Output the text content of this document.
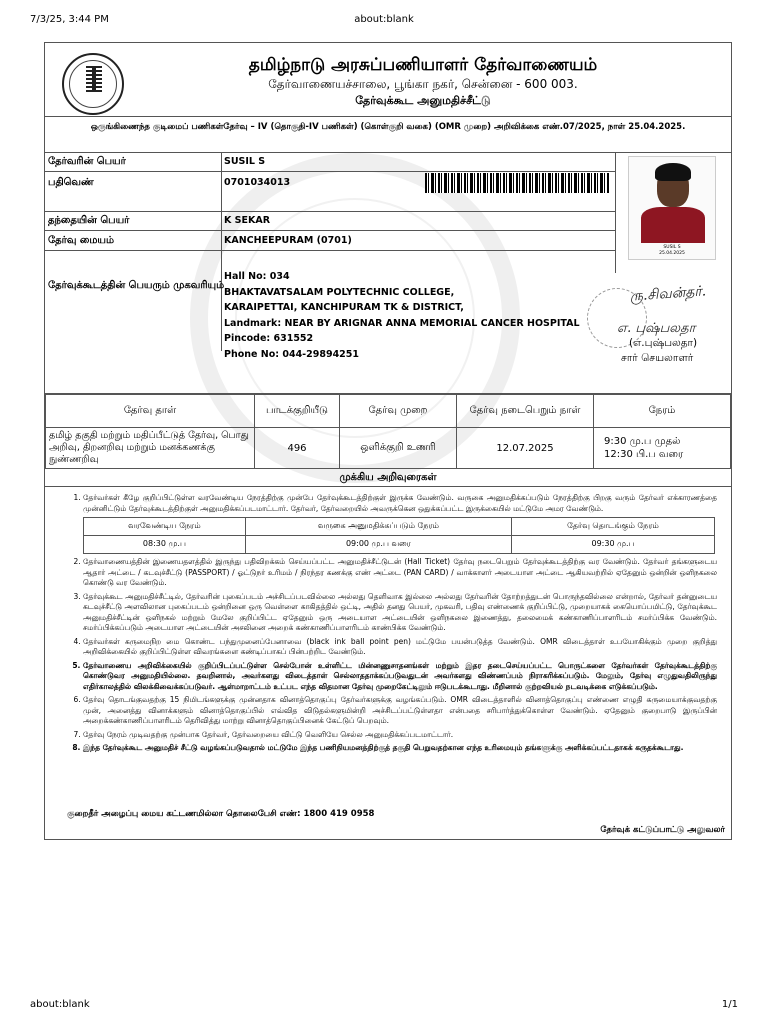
7/3/25, 3:44 PM	about:blank
தமிழ்நாடு அரசுப்பணியாளர் தேர்வாணையம்
தேர்வாணையச்சாலை, பூங்கா நகர், சென்னை - 600 003.
தேர்வுக்கூட அனுமதிச்சீட்டு
ஒருங்கிணைந்த குடிமைப் பணிகள்தேர்வு – IV (தொகுதி-IV பணிகள்) (கொள்குறி வகை) (OMR முறை) அறிவிக்கை எண்.07/2025, நாள் 25.04.2025.
தேர்வரின் பெயர்	SUSIL S
பதிவெண்	0701034013
தந்தையின் பெயர்	K SEKAR
தேர்வு மையம்	KANCHEEPURAM (0701)
தேர்வுக்கூடத்தின் பெயரும் முகவரியும்
Hall No: 034
BHAKTAVATSALAM POLYTECHNIC COLLEGE,
KARAIPETTAI, KANCHIPURAM TK & DISTRICT,
Landmark: NEAR BY ARIGNAR ANNA MEMORIAL CANCER HOSPITAL
Pincode: 631552
Phone No: 044-29894251
SUSIL S
25.04.2025
ரு.சிவன்தர்.
எ. புஷ்பலதா
(எ.புஷ்பலதா)
சார் செயலாளர்
தேர்வு தாள்	பாடக்குறியீடு	தேர்வு முறை	தேர்வு நடைபெறும் நாள்	நேரம்
தமிழ் தகுதி மற்றும் மதிப்பீட்டுத் தேர்வு, பொது அறிவு, திறனறிவு மற்றும் மனக்கணக்கு நுண்ணறிவு	496	ஒளிக்குறி உணரி	12.07.2025	9:30 மு.ப முதல்
12:30 பி.ப வரை
முக்கிய அறிவுரைகள்
1. தேர்வர்கள் கீழே குறிப்பிட்டுள்ள வரவேண்டிய நேரத்திற்கு முன்பே தேர்வுக்கூடத்திற்குள் இருக்க வேண்டும். வருகை அனுமதிக்கப்படும் நேரத்திற்கு பிறகு வரும் தேர்வர் எக்காரணத்தை முன்னிட்டும் தேர்வுக்கூடத்திற்குள் அனுமதிக்கப்படமாட்டார். தேர்வர், தேர்வறையில் அவருக்கென ஒதுக்கப்பட்ட இருக்கையில் மட்டுமே அமர வேண்டும்.
வரவேண்டிய நேரம்	வருகை அனுமதிக்கப்படும் நேரம்	தேர்வு தொடங்கும் நேரம்
08:30 மு.ப	09:00 மு.ப வரை	09:30 மு.ப
2. தேர்வாணையத்தின் இணையதளத்தில் இருந்து பதிவிறக்கம் செய்யப்பட்ட அனுமதிச்சீட்டுடன் (Hall Ticket) தேர்வு நடைபெறும் தேர்வுக்கூடத்திற்கு வர வேண்டும். தேர்வர் தங்களுடைய ஆதார் அட்டை / கடவுச்சீட்டு (PASSPORT) / ஓட்டுநர் உரிமம் / நிரந்தர கணக்கு எண் அட்டை (PAN CARD) / வாக்காளர் அடையாள அட்டை ஆகியவற்றில் ஏதேனும் ஒன்றின் ஒளிநகலை கொண்டு வர வேண்டும்.
3. தேர்வுக்கூட அனுமதிச்சீட்டில், தேர்வரின் புகைப்படம் அச்சிடப்படவில்லை அல்லது தெளிவாக இல்லை அல்லது தேர்வரின் தோற்றத்துடன் பொருந்தவில்லை என்றால், தேர்வர் தன்னுடைய கடவுச்சீட்டு அளவிலான புகைப்படம் ஒன்றினை ஒரு வெள்ளை காகிதத்தில் ஒட்டி, அதில் தனது பெயர், முகவரி, பதிவு எண்ணைக் குறிப்பிட்டு, முறையாகக் கையொப்பமிட்டு, தேர்வுக்கூட அனுமதிச்சீட்டின் ஒளிநகல் மற்றும் மேலே குறிப்பிட்ட ஏதேனும் ஒரு அடையாள அட்டையின் ஒளிநகலை இணைத்து, தலைமைக் கண்காணிப்பாளரிடம் சமர்ப்பிக்க வேண்டும். சமர்ப்பிக்கப்படும் அடையாள அட்டையின் அசலினை அறைக் கண்காணிப்பாளரிடம் காண்பிக்க வேண்டும்.
4. தேர்வர்கள் கருமைநிற மை கொண்ட பந்துமுனைப்பேனாவை (black ink ball point pen) மட்டுமே பயன்படுத்த வேண்டும். OMR விடைத்தாள் உபயோகிக்கும் முறை குறித்து அறிவிக்கையில் குறிப்பிட்டுள்ள விவரங்களை கண்டிப்பாகப் பின்பற்றிட வேண்டும்.
5. தேர்வாணைய அறிவிக்கையில் குறிப்பிடப்பட்டுள்ள செல்போன் உள்ளிட்ட மின்னணுசாதனங்கள் மற்றும் இதர தடைசெய்யப்பட்ட பொருட்களை தேர்வர்கள் தேர்வுக்கூடத்திற்கு கொண்டுவர அனுமதியில்லை. தவறினால், அவர்களது விடைத்தாள் செல்லாததாக்கப்படுவதுடன் அவர்களது விண்ணப்பம் நிராகரிக்கப்படும். மேலும், தேர்வு எழுதுவதிலிருந்து எதிர்காலத்தில் விலக்கிவைக்கப்படுவர். ஆள்மாறாட்டம் உட்பட எந்த விதமான தேர்வு முறைகேட்டிலும் ஈடுபடக்கூடாது. மீறினால் குற்றவியல் நடவடிக்கை எடுக்கப்படும்.
6. தேர்வு தொடங்குவதற்கு 15 நிமிடங்களுக்கு முன்னதாக வினாத்தொகுப்பு தேர்வர்களுக்கு வழங்கப்படும். OMR விடைத்தாளில் வினாத்தொகுப்பு எண்ணை எழுதி கருமையாக்குவதற்கு முன், அனைத்து வினாக்களும் வினாத்தொகுப்பில் எவ்வித விடுதல்களுமின்றி அச்சிடப்பட்டுள்ளதா என்பதை சரிபார்த்துக்கொள்ள வேண்டும். ஏதேனும் குறைபாடு இருப்பின் அறைக்கண்காணிப்பாளரிடம் தெரிவித்து மாற்று வினாத்தொகுப்பினைக் கேட்டுப் பெறவும்.
7. தேர்வு நேரம் முடிவதற்கு முன்பாக தேர்வர், தேர்வறையை விட்டு வெளியே செல்ல அனுமதிக்கப்படமாட்டார்.
8. இந்த தேர்வுக்கூட அனுமதிச் சீட்டு வழங்கப்படுவதால் மட்டுமே இந்த பணிநியமனத்திற்குத் தகுதி பெறுவதற்கான எந்த உரிமையும் தங்களுக்கு அளிக்கப்பட்டதாகக் கருதக்கூடாது.
குறைதீர் அழைப்பு மைய கட்டணமில்லா தொலைபேசி எண்: 1800 419 0958
தேர்வுக் கட்டுப்பாட்டு அலுவலர்
about:blank	1/1
